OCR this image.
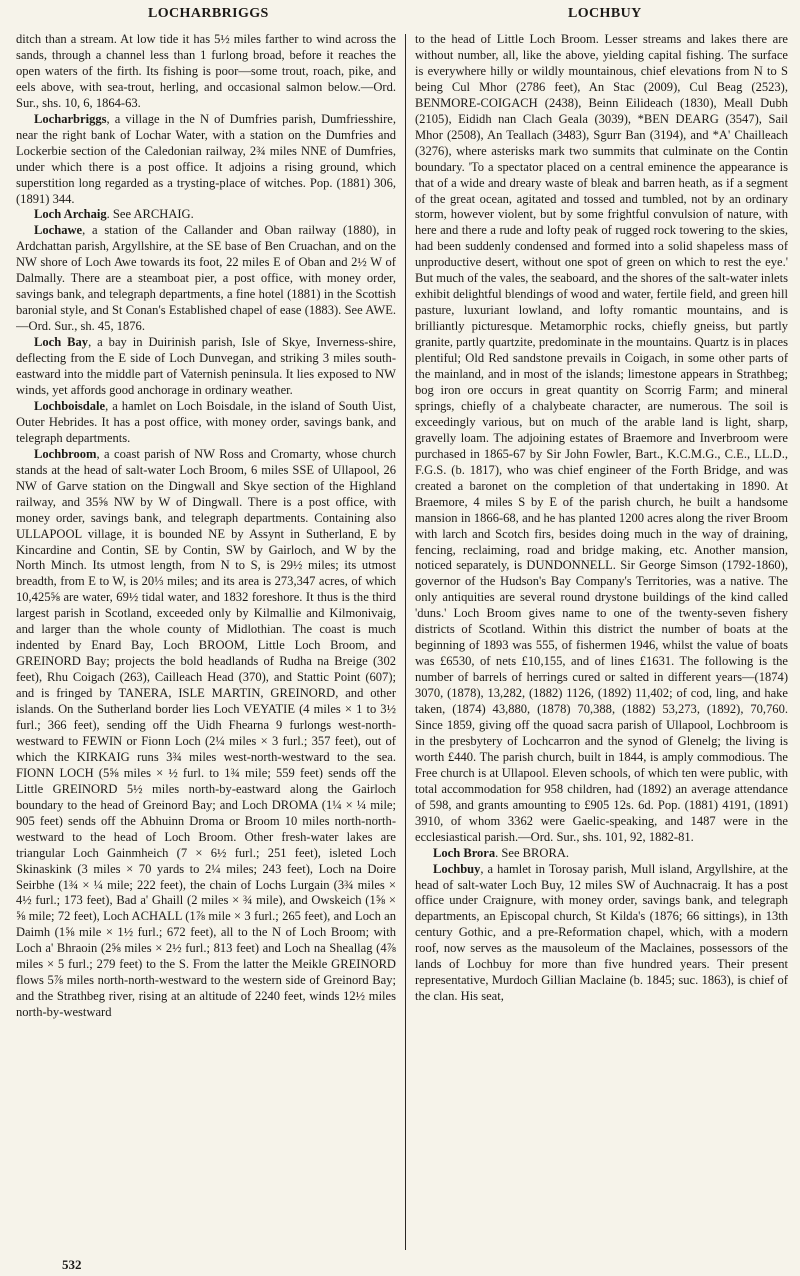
LOCHARBRIGGS	LOCHBUY

ditch than a stream. At low tide it has 5½ miles farther to wind across the sands, through a channel less than 1 furlong broad, before it reaches the open waters of the firth. Its fishing is poor—some trout, roach, pike, and eels above, with sea-trout, herling, and occasional salmon below.—Ord. Sur., shs. 10, 6, 1864-63.

Locharbriggs, a village in the N of Dumfries parish, Dumfriesshire, near the right bank of Lochar Water, with a station on the Dumfries and Lockerbie section of the Caledonian railway, 2¾ miles NNE of Dumfries, under which there is a post office. It adjoins a rising ground, which superstition long regarded as a trysting-place of witches. Pop. (1881) 306, (1891) 344.

Loch Archaig. See ARCHAIG.

Lochawe, a station of the Callander and Oban railway (1880), in Ardchattan parish, Argyllshire, at the SE base of Ben Cruachan, and on the NW shore of Loch Awe towards its foot, 22 miles E of Oban and 2½ W of Dalmally. There are a steamboat pier, a post office, with money order, savings bank, and telegraph departments, a fine hotel (1881) in the Scottish baronial style, and St Conan's Established chapel of ease (1883). See AWE.—Ord. Sur., sh. 45, 1876.

Loch Bay, a bay in Duirinish parish, Isle of Skye, Inverness-shire, deflecting from the E side of Loch Dunvegan, and striking 3 miles south-eastward into the middle part of Vaternish peninsula. It lies exposed to NW winds, yet affords good anchorage in ordinary weather.

Lochboisdale, a hamlet on Loch Boisdale, in the island of South Uist, Outer Hebrides. It has a post office, with money order, savings bank, and telegraph departments.

Lochbroom, a coast parish of NW Ross and Cromarty, whose church stands at the head of salt-water Loch Broom, 6 miles SSE of Ullapool, 26 NW of Garve station on the Dingwall and Skye section of the Highland railway, and 35⅝ NW by W of Dingwall. There is a post office, with money order, savings bank, and telegraph departments. Containing also ULLAPOOL village, it is bounded NE by Assynt in Sutherland, E by Kincardine and Contin, SE by Contin, SW by Gairloch, and W by the North Minch. Its utmost length, from N to S, is 29½ miles; its utmost breadth, from E to W, is 20⅓ miles; and its area is 273,347 acres, of which 10,425⅝ are water, 69½ tidal water, and 1832 foreshore. It thus is the third largest parish in Scotland, exceeded only by Kilmallie and Kilmonivaig, and larger than the whole county of Midlothian. The coast is much indented by Enard Bay, Loch BROOM, Little Loch Broom, and GREINORD Bay; projects the bold headlands of Rudha na Breige (302 feet), Rhu Coigach (263), Cailleach Head (370), and Stattic Point (607); and is fringed by TANERA, ISLE MARTIN, GREINORD, and other islands. On the Sutherland border lies Loch VEYATIE (4 miles × 1 to 3½ furl.; 366 feet), sending off the Uidh Fhearna 9 furlongs west-north-westward to FEWIN or Fionn Loch (2¼ miles × 3 furl.; 357 feet), out of which the KIRKAIG runs 3¾ miles west-north-westward to the sea. FIONN LOCH (5⅝ miles × ½ furl. to 1¾ mile; 559 feet) sends off the Little GREINORD 5½ miles north-by-eastward along the Gairloch boundary to the head of Greinord Bay; and Loch DROMA (1¼ × ¼ mile; 905 feet) sends off the Abhuinn Droma or Broom 10 miles north-north-westward to the head of Loch Broom. Other fresh-water lakes are triangular Loch Gainmheich (7 × 6½ furl.; 251 feet), isleted Loch Skinaskink (3 miles × 70 yards to 2¼ miles; 243 feet), Loch na Doire Seirbhe (1¾ × ¼ mile; 222 feet), the chain of Lochs Lurgain (3¾ miles × 4½ furl.; 173 feet), Bad a' Ghaill (2 miles × ¾ mile), and Owskeich (1⅝ × ⅝ mile; 72 feet), Loch ACHALL (1⅞ mile × 3 furl.; 265 feet), and Loch an Daimh (1⅝ mile × 1½ furl.; 672 feet), all to the N of Loch Broom; with Loch a' Bhraoin (2⅝ miles × 2½ furl.; 813 feet) and Loch na Sheallag (4⅞ miles × 5 furl.; 279 feet) to the S. From the latter the Meikle GREINORD flows 5⅞ miles north-north-westward to the western side of Greinord Bay; and the Strathbeg river, rising at an altitude of 2240 feet, winds 12½ miles north-by-westward

to the head of Little Loch Broom. Lesser streams and lakes there are without number, all, like the above, yielding capital fishing. The surface is everywhere hilly or wildly mountainous, chief elevations from N to S being Cul Mhor (2786 feet), An Stac (2009), Cul Beag (2523), BENMORE-COIGACH (2438), Beinn Eilideach (1830), Meall Dubh (2105), Eididh nan Clach Geala (3039), *BEN DEARG (3547), Sail Mhor (2508), An Teallach (3483), Sgurr Ban (3194), and *A' Chailleach (3276), where asterisks mark two summits that culminate on the Contin boundary. 'To a spectator placed on a central eminence the appearance is that of a wide and dreary waste of bleak and barren heath, as if a segment of the great ocean, agitated and tossed and tumbled, not by an ordinary storm, however violent, but by some frightful convulsion of nature, with here and there a rude and lofty peak of rugged rock towering to the skies, had been suddenly condensed and formed into a solid shapeless mass of unproductive desert, without one spot of green on which to rest the eye.' But much of the vales, the seaboard, and the shores of the salt-water inlets exhibit delightful blendings of wood and water, fertile field, and green hill pasture, luxuriant lowland, and lofty romantic mountains, and is brilliantly picturesque. Metamorphic rocks, chiefly gneiss, but partly granite, partly quartzite, predominate in the mountains. Quartz is in places plentiful; Old Red sandstone prevails in Coigach, in some other parts of the mainland, and in most of the islands; limestone appears in Strathbeg; bog iron ore occurs in great quantity on Scorrig Farm; and mineral springs, chiefly of a chalybeate character, are numerous. The soil is exceedingly various, but on much of the arable land is light, sharp, gravelly loam. The adjoining estates of Braemore and Inverbroom were purchased in 1865-67 by Sir John Fowler, Bart., K.C.M.G., C.E., LL.D., F.G.S. (b. 1817), who was chief engineer of the Forth Bridge, and was created a baronet on the completion of that undertaking in 1890. At Braemore, 4 miles S by E of the parish church, he built a handsome mansion in 1866-68, and he has planted 1200 acres along the river Broom with larch and Scotch firs, besides doing much in the way of draining, fencing, reclaiming, road and bridge making, etc. Another mansion, noticed separately, is DUNDONNELL. Sir George Simson (1792-1860), governor of the Hudson's Bay Company's Territories, was a native. The only antiquities are several round drystone buildings of the kind called 'duns.' Loch Broom gives name to one of the twenty-seven fishery districts of Scotland. Within this district the number of boats at the beginning of 1893 was 555, of fishermen 1946, whilst the value of boats was £6530, of nets £10,155, and of lines £1631. The following is the number of barrels of herrings cured or salted in different years—(1874) 3070, (1878), 13,282, (1882) 1126, (1892) 11,402; of cod, ling, and hake taken, (1874) 43,880, (1878) 70,388, (1882) 53,273, (1892), 70,760. Since 1859, giving off the quoad sacra parish of Ullapool, Lochbroom is in the presbytery of Lochcarron and the synod of Glenelg; the living is worth £440. The parish church, built in 1844, is amply commodious. The Free church is at Ullapool. Eleven schools, of which ten were public, with total accommodation for 958 children, had (1892) an average attendance of 598, and grants amounting to £905 12s. 6d. Pop. (1881) 4191, (1891) 3910, of whom 3362 were Gaelic-speaking, and 1487 were in the ecclesiastical parish.—Ord. Sur., shs. 101, 92, 1882-81.

Loch Brora. See BRORA.

Lochbuy, a hamlet in Torosay parish, Mull island, Argyllshire, at the head of salt-water Loch Buy, 12 miles SW of Auchnacraig. It has a post office under Craignure, with money order, savings bank, and telegraph departments, an Episcopal church, St Kilda's (1876; 66 sittings), in 13th century Gothic, and a pre-Reformation chapel, which, with a modern roof, now serves as the mausoleum of the Maclaines, possessors of the lands of Lochbuy for more than five hundred years. Their present representative, Murdoch Gillian Maclaine (b. 1845; suc. 1863), is chief of the clan. His seat,

532
